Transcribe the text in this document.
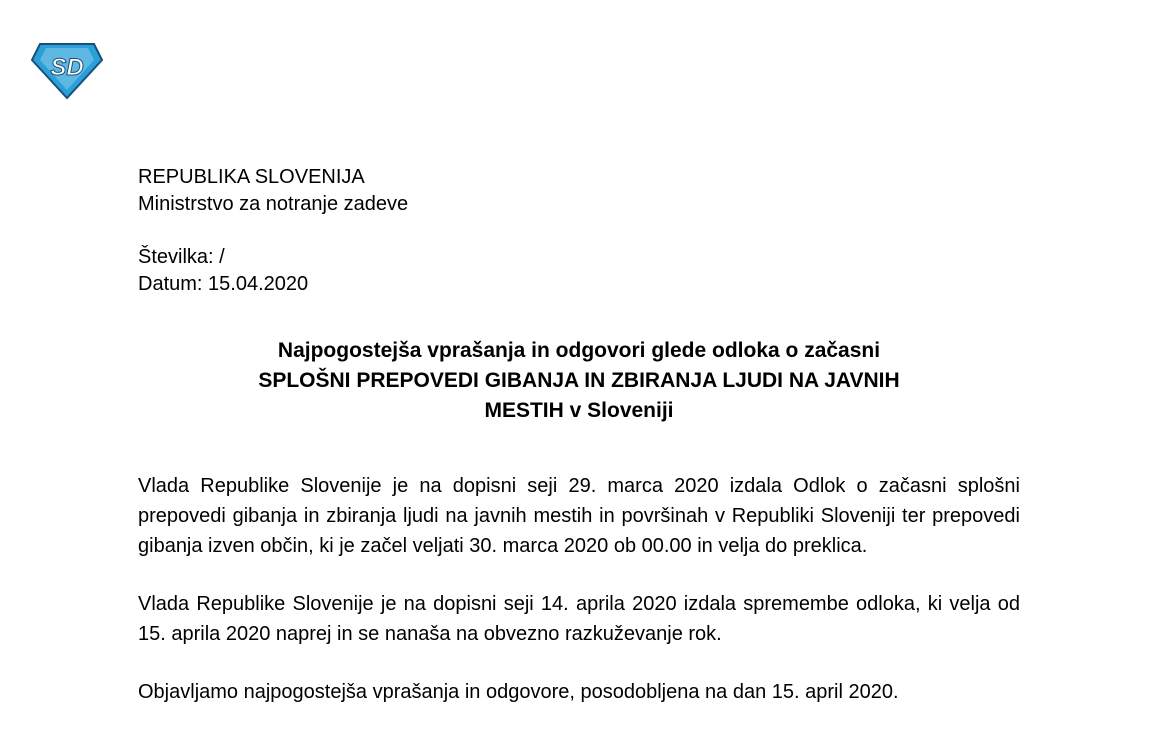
SD
REPUBLIKA SLOVENIJA
Ministrstvo za notranje zadeve
Številka: /
Datum: 15.04.2020
Najpogostejša vprašanja in odgovori glede odloka o začasni
SPLOŠNI PREPOVEDI GIBANJA IN ZBIRANJA LJUDI NA JAVNIH
MESTIH v Sloveniji

Vlada Republike Slovenije je na dopisni seji 29. marca 2020 izdala Odlok o začasni splošni prepovedi gibanja in zbiranja ljudi na javnih mestih in površinah v Republiki Sloveniji ter prepovedi gibanja izven občin, ki je začel veljati 30. marca 2020 ob 00.00 in velja do preklica.

Vlada Republike Slovenije je na dopisni seji 14. aprila 2020 izdala spremembe odloka, ki velja od 15. aprila 2020 naprej in se nanaša na obvezno razkuževanje rok.

Objavljamo najpogostejša vprašanja in odgovore, posodobljena na dan 15. april 2020.
